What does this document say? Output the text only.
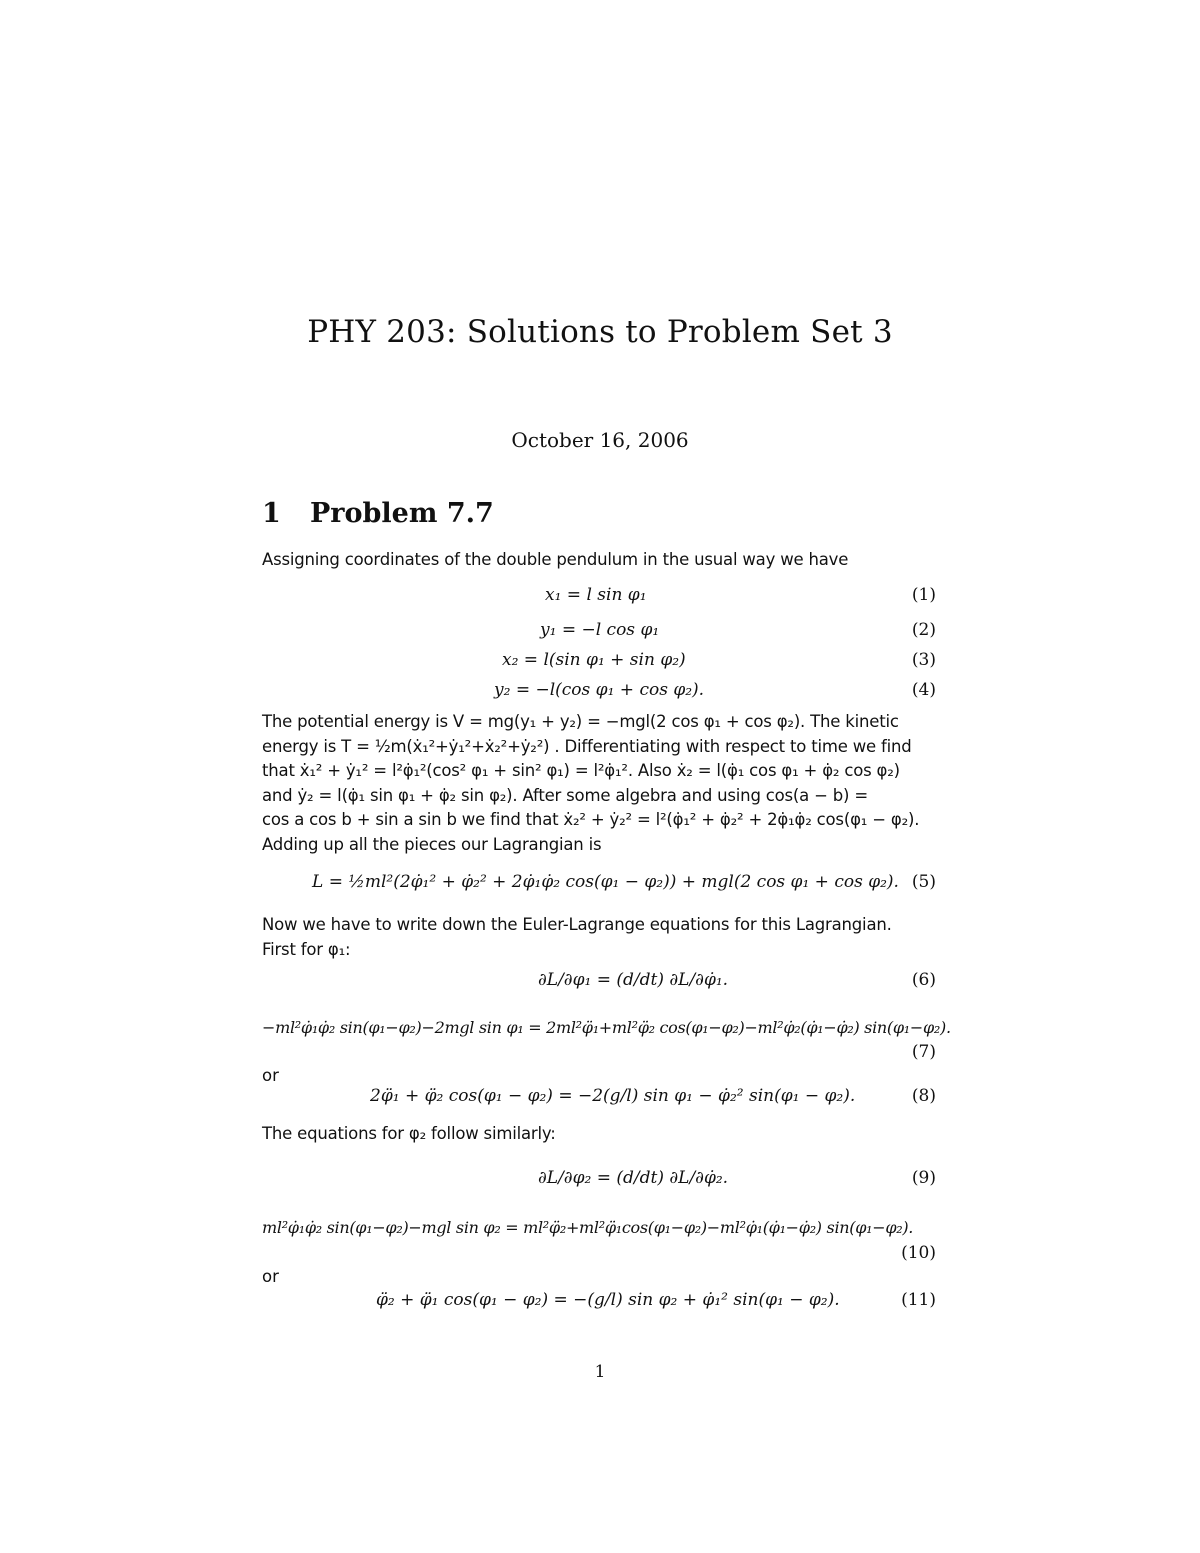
PHY 203: Solutions to Problem Set 3
October 16, 2006
1 Problem 7.7
Assigning coordinates of the double pendulum in the usual way we have
x₁ = l sin φ₁	(1)
y₁ = −l cos φ₁	(2)
x₂ = l(sin φ₁ + sin φ₂)	(3)
y₂ = −l(cos φ₁ + cos φ₂).	(4)
The potential energy is V = mg(y₁ + y₂) = −mgl(2 cos φ₁ + cos φ₂). The kinetic
energy is T = ½m(ẋ₁²+ẏ₁²+ẋ₂²+ẏ₂²) . Differentiating with respect to time we find
that ẋ₁² + ẏ₁² = l²φ̇₁²(cos² φ₁ + sin² φ₁) = l²φ̇₁². Also ẋ₂ = l(φ̇₁ cos φ₁ + φ̇₂ cos φ₂)
and ẏ₂ = l(φ̇₁ sin φ₁ + φ̇₂ sin φ₂). After some algebra and using cos(a − b) =
cos a cos b + sin a sin b we find that ẋ₂² + ẏ₂² = l²(φ̇₁² + φ̇₂² + 2φ̇₁φ̇₂ cos(φ₁ − φ₂).
Adding up all the pieces our Lagrangian is
L = ½ml²(2φ̇₁² + φ̇₂² + 2φ̇₁φ̇₂ cos(φ₁ − φ₂)) + mgl(2 cos φ₁ + cos φ₂). (5)
Now we have to write down the Euler-Lagrange equations for this Lagrangian.
First for φ₁:
∂L/∂φ₁ = (d/dt) ∂L/∂φ̇₁.	(6)
−ml²φ̇₁φ̇₂ sin(φ₁−φ₂)−2mgl sin φ₁ = 2ml²φ̈₁+ml²φ̈₂ cos(φ₁−φ₂)−ml²φ̇₂(φ̇₁−φ̇₂) sin(φ₁−φ₂).
(7)
or
2φ̈₁ + φ̈₂ cos(φ₁ − φ₂) = −2(g/l) sin φ₁ − φ̇₂² sin(φ₁ − φ₂).	(8)
The equations for φ₂ follow similarly:
∂L/∂φ₂ = (d/dt) ∂L/∂φ̇₂.	(9)
ml²φ̇₁φ̇₂ sin(φ₁−φ₂)−mgl sin φ₂ = ml²φ̈₂+ml²φ̈₁cos(φ₁−φ₂)−ml²φ̇₁(φ̇₁−φ̇₂) sin(φ₁−φ₂).
(10)
or
φ̈₂ + φ̈₁ cos(φ₁ − φ₂) = −(g/l) sin φ₂ + φ̇₁² sin(φ₁ − φ₂).	(11)
1
